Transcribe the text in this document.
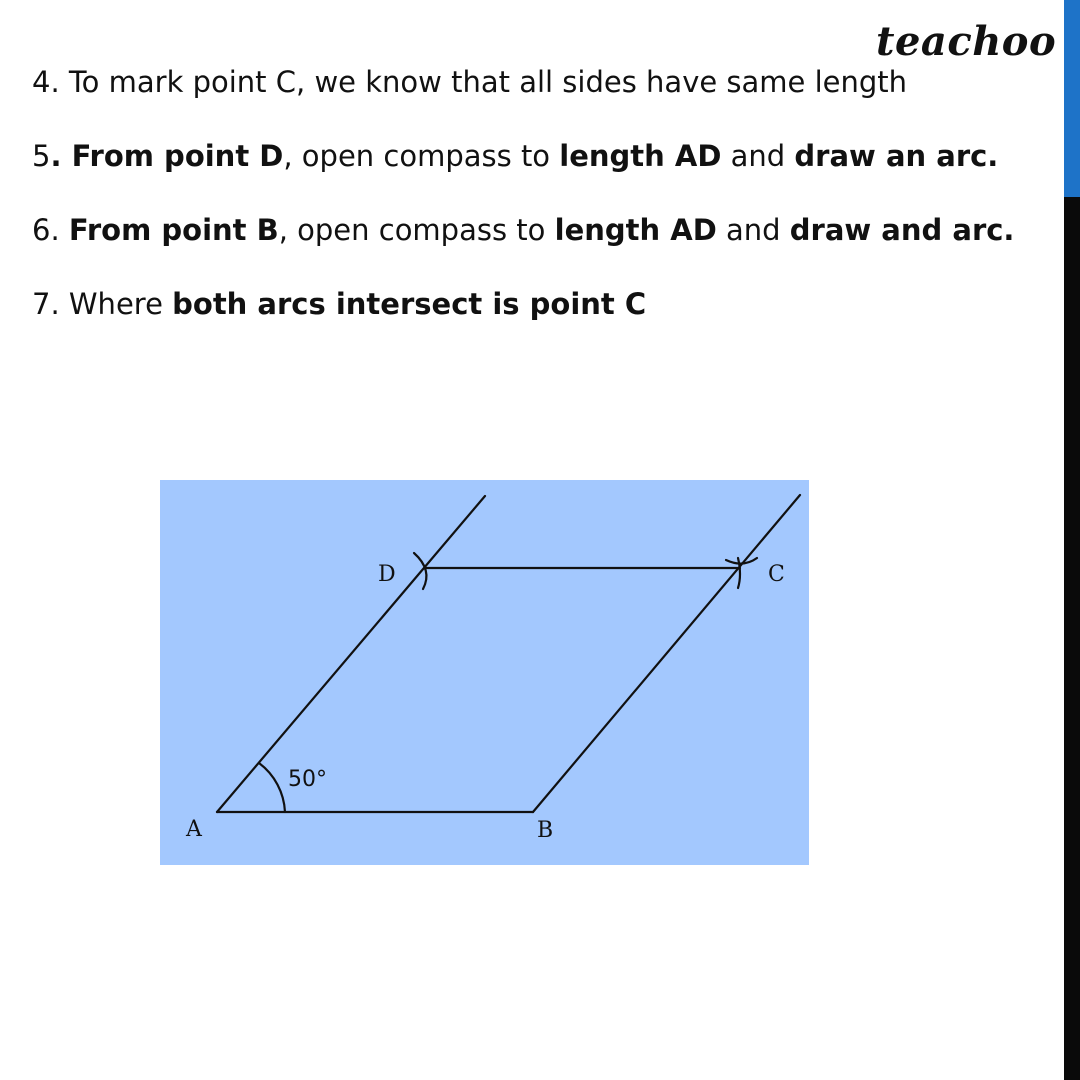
teachoo
4. To mark point C, we know that all sides have same length
5. From point D, open compass to length AD and draw an arc.
6. From point B, open compass to length AD and draw and arc.
7. Where both arcs intersect is point C
A	B
C
D
50°
